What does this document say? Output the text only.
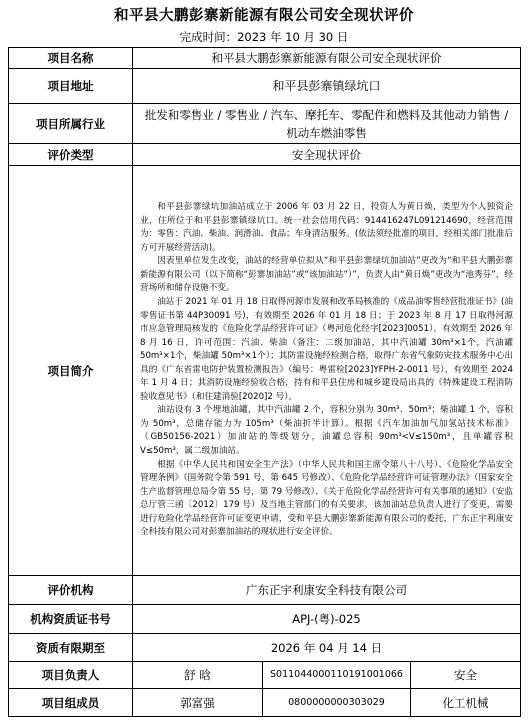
和平县大鹏彭寨新能源有限公司安全现状评价
完成时间：2023 年 10 月 30 日
项目名称	和平县大鹏彭寨新能源有限公司安全现状评价		
项目地址	和平县彭寨镇绿坑口		
项目所属行业	批发和零售业 / 零售业 / 汽车、摩托车、零配件和燃料及其他动力销售 / 机动车燃油零售		
评价类型	安全现状评价		
项目简介	和平县彭寨绿坑加油站成立于 2006 年 03 月 22 日，投资人为黄日焕，类型为个人独资企业，住所位于和平县彭寨镇绿坑口。统一社会信用代码：914416247L091214690，经营范围为：零售：汽油、柴油、润滑油、食品；车身清洁服务。(依法须经批准的项目，经相关部门批准后方可开展经营活动)。

因表里单位发生改变，油站的经营单位拟从“和平县彭寨绿坑加油站”更改为“和平县大鹏彭寨新能源有限公司（以下简称“彭寨加油站”或“该加油站”）”，负责人由“黄日焕”更改为“池秀芬”，经营场所和储存设施不变。

油站于 2021 年 01 月 18 日取得河源市发展和改革局核准的《成品油零售经营批准证书》(油零售证书第 44P30091 号)，有效期至 2026 年 01 月 18 日；于 2023 年 8 月 17 日取得河源市应急管理局核发的《危险化学品经营许可证》（粤河危化经字[2023]0051），有效期至 2026 年 8 月 16 日，许可范围：汽油、柴油（备注：二级加油站，其中汽油罐 30m³×1个，汽油罐 50m³×1个，柴油罐 50m³×1个）；其防雷设施经检测合格，取得广东省气象防灾技术服务中心出具的《广东省雷电防护装置检测报告》（编号：粤雷检[2023]YFPH-2-0011 号），有效期至 2024 年 1 月 4 日；其消防设施经验收合格，持有和平县住房和城乡建设局出具的《特殊建设工程消防验收意见书》（和住建消验[2020]2 号）。

油站设有 3 个埋地油罐，其中汽油罐 2 个，容积分别为 30m³、50m³；柴油罐 1 个，容积为 50m³，总储存能力为 105m³（柴油折半计算）。根据《汽车加油加气加氢站技术标准》（GB50156-2021）加油站的等级划分，油罐总容积 90m³<V≤150m³，且单罐容积 V≤50m³，属二级加油站。

根据《中华人民共和国安全生产法》（中华人民共和国主席令第八十八号）、《危险化学品安全管理条例》（国务院令第 591 号，第 645 号修改）、《危险化学品经营许可证管理办法》（国家安全生产监督管理总局令第 55 号，第 79 号修改）、《关于危险化学品经营许可有关事项的通知》（安监总厅管三函〔2012〕179 号）及当地主管部门的有关要求，该加油站总负责人进行了变更，需要进行危险化学品经营许可证变更申请，受和平县大鹏彭寨新能源有限公司的委托，广东正宇利康安全科技有限公司对彭寨加油站的现状进行安全评价。		

评价机构	广东正宇利康安全科技有限公司		
机构资质证书号	APJ-(粤)-025		
资质有限期至	2026 年 04 月 14 日		
项目负责人	舒 晗	S011044000110191001066	安全
项目组成员	郭富强	0800000000303029	化工机械
